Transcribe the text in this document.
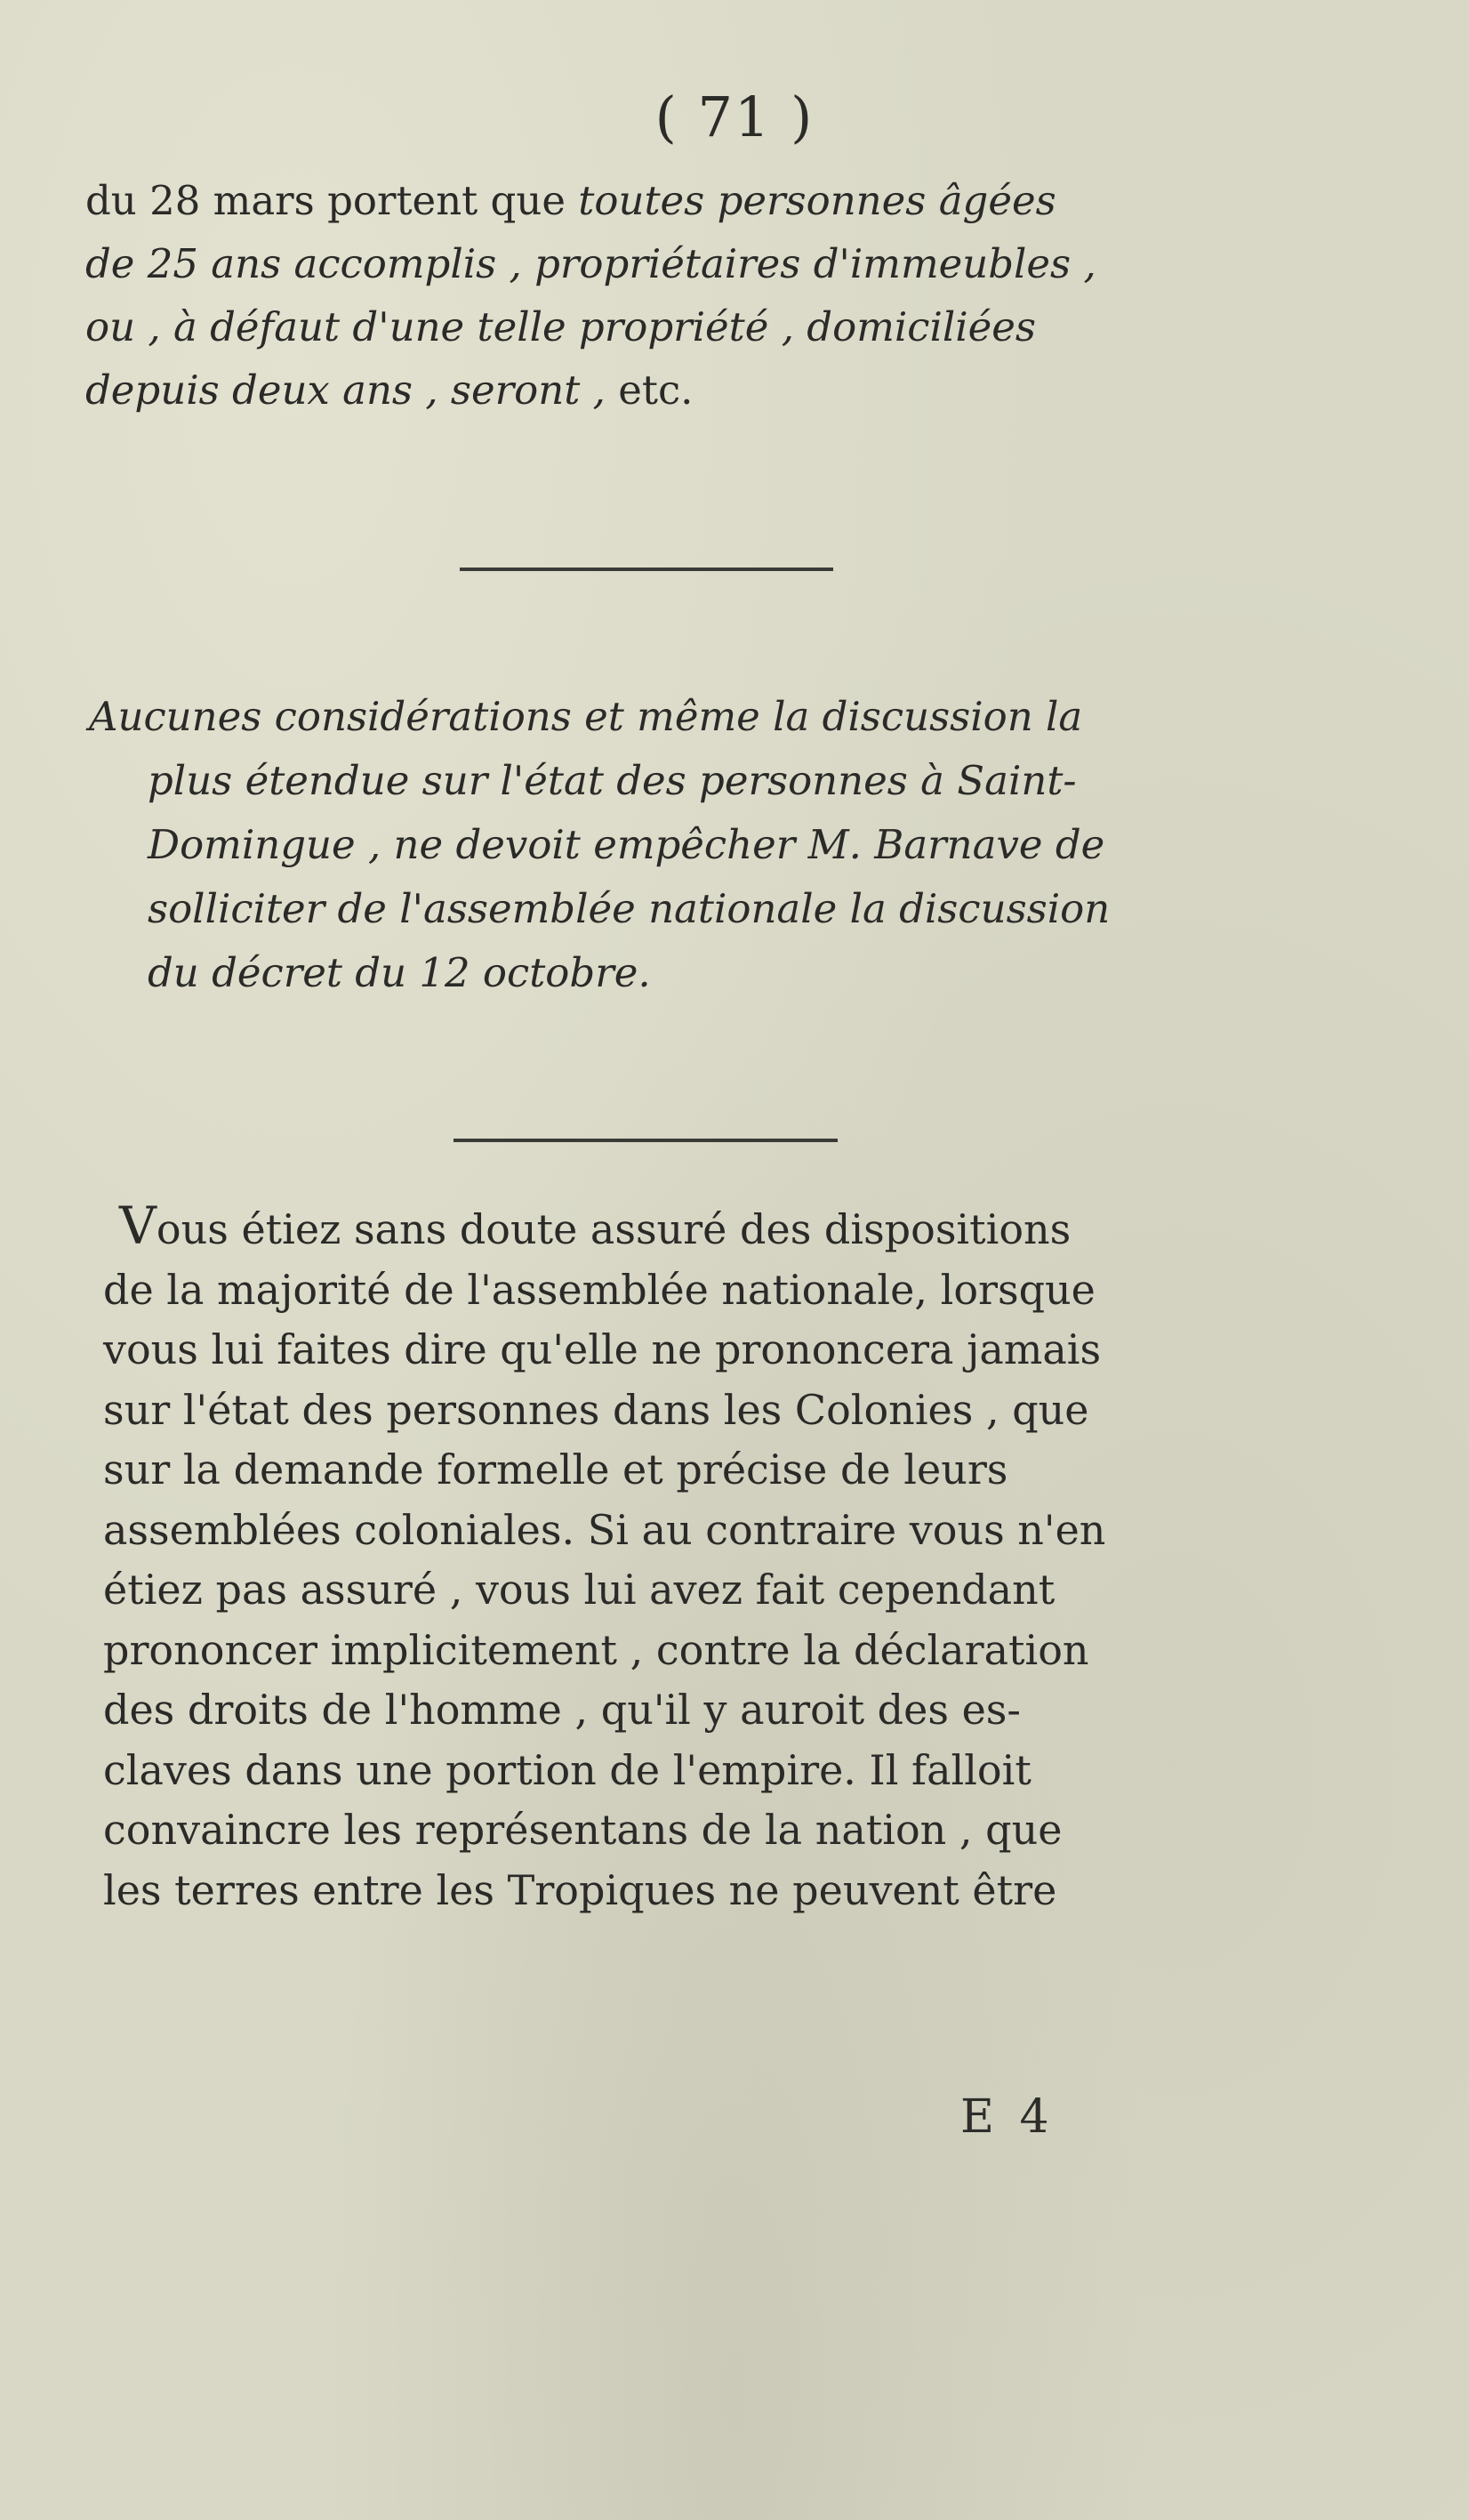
( 71 )

du 28 mars portent que toutes personnes âgées
de 25 ans accomplis , propriétaires d'immeubles ,
ou , à défaut d'une telle propriété , domiciliées
depuis deux ans , seront , etc.

Aucunes considérations et même la discussion la
plus étendue sur l'état des personnes à Saint-
Domingue , ne devoit empêcher M. Barnave de
solliciter de l'assemblée nationale la discussion
du décret du 12 octobre.

Vous étiez sans doute assuré des dispositions
de la majorité de l'assemblée nationale, lorsque
vous lui faites dire qu'elle ne prononcera jamais
sur l'état des personnes dans les Colonies , que
sur la demande formelle et précise de leurs
assemblées coloniales. Si au contraire vous n'en
étiez pas assuré , vous lui avez fait cependant
prononcer implicitement , contre la déclaration
des droits de l'homme , qu'il y auroit des es-
claves dans une portion de l'empire. Il falloit
convaincre les représentans de la nation , que
les terres entre les Tropiques ne peuvent être

E 4
